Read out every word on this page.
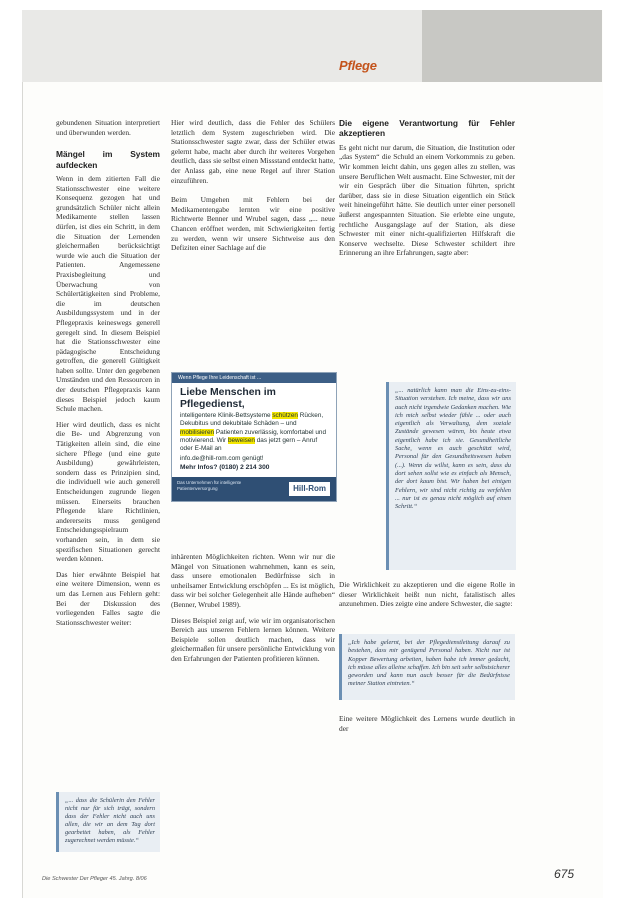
Pflege

gebundenen Situation interpretiert und überwunden werden.

Mängel im System aufdecken

Wenn in dem zitierten Fall die Stationsschwester eine weitere Konsequenz gezogen hat und grundsätzlich Schüler nicht allein Medikamente stellen lassen dürfen, ist dies ein Schritt, in dem die Situation der Lernenden gleichermaßen berücksichtigt wurde wie auch die Situation der Patienten. Angemessene Praxisbegleitung und Überwachung von Schülertätigkeiten sind Probleme, die im deutschen Ausbildungssystem und in der Pflegepraxis keineswegs generell geregelt sind. In diesem Beispiel hat die Stationsschwester eine pädagogische Entscheidung getroffen, die generell Gültigkeit haben sollte. Unter den gegebenen Umständen und den Ressourcen in der deutschen Pflegepraxis kann dieses Beispiel jedoch kaum Schule machen.

Hier wird deutlich, dass es nicht die Be- und Abgrenzung von Tätigkeiten allein sind, die eine sichere Pflege (und eine gute Ausbildung) gewährleisten, sondern dass es Prinzipien sind, die individuell wie auch generell Entscheidungen zugrunde liegen müssen. Einerseits brauchen Pflegende klare Richtlinien, andererseits muss genügend Entscheidungsspielraum vorhanden sein, in dem sie spezifischen Situationen gerecht werden können.

Das hier erwähnte Beispiel hat eine weitere Dimension, wenn es um das Lernen aus Fehlern geht: Bei der Diskussion des vorliegenden Falles sagte die Stationsschwester weiter:

„... dass die Schülerin den Fehler nicht nur für sich trägt, sondern dass der Fehler nicht auch uns allen, die wir an dem Tag dort gearbeitet haben, als Fehler zugerechnet werden müsste.“

Hier wird deutlich, dass die Fehler des Schülers letztlich dem System zugeschrieben wird. Die Stationsschwester sagte zwar, dass der Schüler etwas gelernt habe, macht aber durch ihr weiteres Vorgehen deutlich, dass sie selbst einen Missstand entdeckt hatte, der Anlass gab, eine neue Regel auf ihrer Station einzuführen.

Beim Umgehen mit Fehlern bei der Medikamentengabe lernten wir eine positive Richtwerte Benner und Wrubel sagen, dass „... neue Chancen eröffnet werden, mit Schwierigkeiten fertig zu werden, wenn wir unsere Sichtweise aus den Defiziten einer Sachlage auf die

Wenn Pflege Ihre Leidenschaft ist ...
Liebe Menschen im Pflegedienst,
intelligentere Klinik-Bettsysteme schützen Rücken, Dekubitus und dekubitale Schäden – und mobilisieren Patienten zuverlässig, komfortabel und motivierend. Wir beweisen das jetzt gern – Anruf oder E-Mail an
info.de@hill-rom.com genügt!
Mehr Infos? (0180) 2 214 300
Das Unternehmen für intelligente Patientenversorgung	Hill-Rom

inhärenten Möglichkeiten richten. Wenn wir nur die Mängel von Situationen wahrnehmen, kann es sein, dass unsere emotionalen Bedürfnisse sich in unheilsamer Entwicklung erschöpfen ... Es ist möglich, dass wir bei solcher Gelegenheit alle Hände aufheben“ (Benner, Wrubel 1989).

Dieses Beispiel zeigt auf, wie wir im organisatorischen Bereich aus unseren Fehlern lernen können. Weitere Beispiele sollen deutlich machen, dass wir gleichermaßen für unsere persönliche Entwicklung von den Erfahrungen der Patienten profitieren können.

Die eigene Verantwortung für Fehler akzeptieren

Es geht nicht nur darum, die Situation, die Institution oder „das System“ die Schuld an einem Vorkommnis zu geben. Wir kommen leicht dahin, uns gegen alles zu stellen, was unsere Beruflichen Welt ausmacht. Eine Schwester, mit der wir ein Gespräch über die Situation führten, spricht darüber, dass sie in diese Situation eigentlich ein Stück weit hineingeführt hätte. Sie deutlich unter einer personell äußerst angespannten Situation. Sie erlebte eine ungute, rechtliche Ausgangslage auf der Station, als diese Schwester mit einer nicht-qualifizierten Hilfskraft die Konserve wechselte. Diese Schwester schildert ihre Erinnerung an ihre Erfahrungen, sagte aber:

„... natürlich kann man die Eins-zu-eins-Situation verstehen. Ich meine, dass wir uns auch nicht irgendwie Gedanken machen. Wie ich mich selbst wieder fühle ... oder auch eigentlich als Verwaltung, dem soziale Zustände gewesen wären, bis heute etwa eigentlich habe ich sie. Gesundheitliche Sache, wenn es auch geschützt wird, Personal für den Gesundheitswesen haben (...). Wenn du willst, kann es sein, dass du dort sehen sollst wie es einfach als Mensch, der dort kaum bist. Wir haben bei einigen Fehlern, wir sind nicht richtig zu verfehlen ... nur ist es genau nicht möglich auf einen Schritt.“

Die Wirklichkeit zu akzeptieren und die eigene Rolle in dieser Wirklichkeit heißt nun nicht, fatalistisch alles anzunehmen. Dies zeigte eine andere Schwester, die sagte:

„Ich habe gelernt, bei der Pflegedienstleitung darauf zu bestehen, dass mir genügend Personal haben. Nicht nur ist Kopper Bewertung arbeiten, haben habe ich immer gedacht, ich müsse alles alleine schaffen. Ich bin seit sehr selbstsicherer geworden und kann nun auch besser für die Bedürfnisse meiner Station eintreten.“

Eine weitere Möglichkeit des Lernens wurde deutlich in der

Die Schwester Der Pfleger 45. Jahrg. 8/06	675
